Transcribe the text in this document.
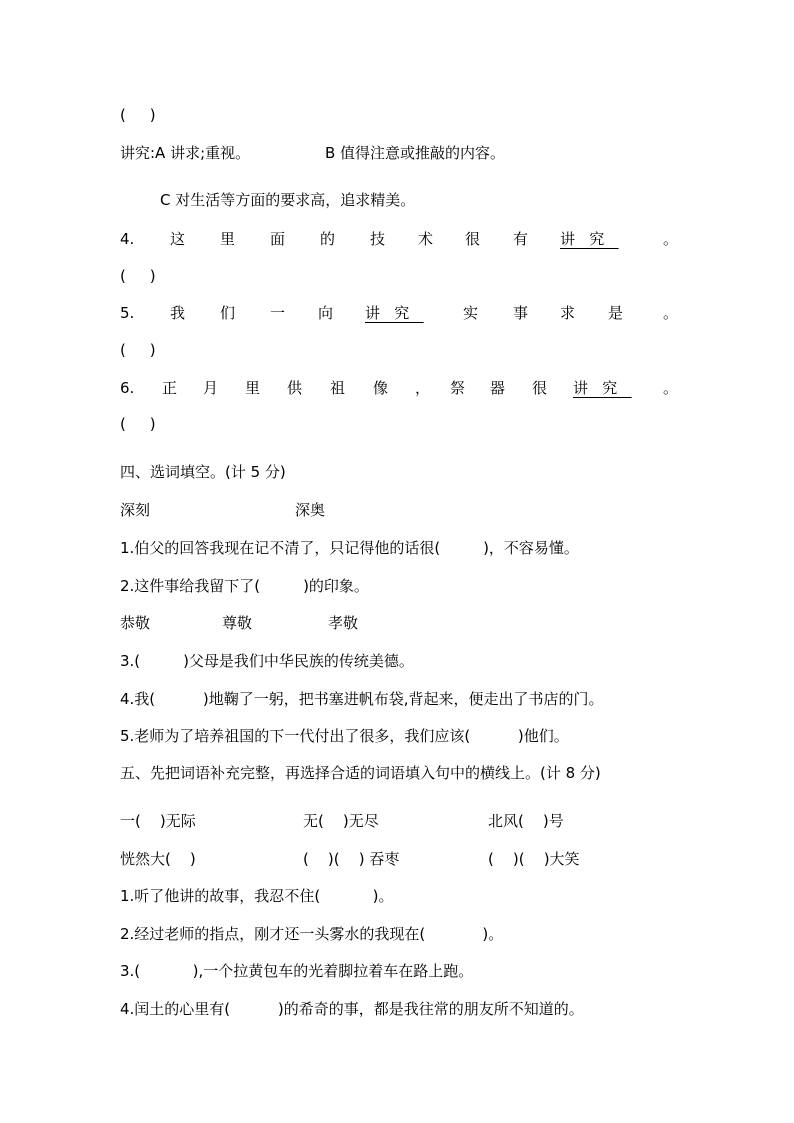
(     )
讲究:A 讲求;重视。	B 值得注意或推敲的内容。
C 对生活等方面的要求高，追求精美。
4. 这 里 面 的 技 术 很 有 讲   究	。
(     )
5. 我 们 一 向 讲   究	实 事 求 是	。
(     )
6. 正 月 里 供 祖 像 ， 祭 器 很 讲   究 。
(     )
四、选词填空。(计 5 分)
深刻	深奥
1.伯父的回答我现在记不清了，只记得他的话很(         )，不容易懂。
2.这件事给我留下了(         )的印象。
恭敬	尊敬	孝敬
3.(         )父母是我们中华民族的传统美德。
4.我(          )地鞠了一躬，把书塞进帆布袋,背起来，便走出了书店的门。
5.老师为了培养祖国的下一代付出了很多，我们应该(          )他们。
五、先把词语补充完整，再选择合适的词语填入句中的横线上。(计 8 分)
一(    )无际	无(    )无尽	北风(    )号
恍然大(    )	(    )(    ) 吞枣	(    )(    )大笑
1.听了他讲的故事，我忍不住(           )。
2.经过老师的指点，刚才还一头雾水的我现在(            )。
3.(           ),一个拉黄包车的光着脚拉着车在路上跑。
4.闰土的心里有(          )的希奇的事，都是我往常的朋友所不知道的。
